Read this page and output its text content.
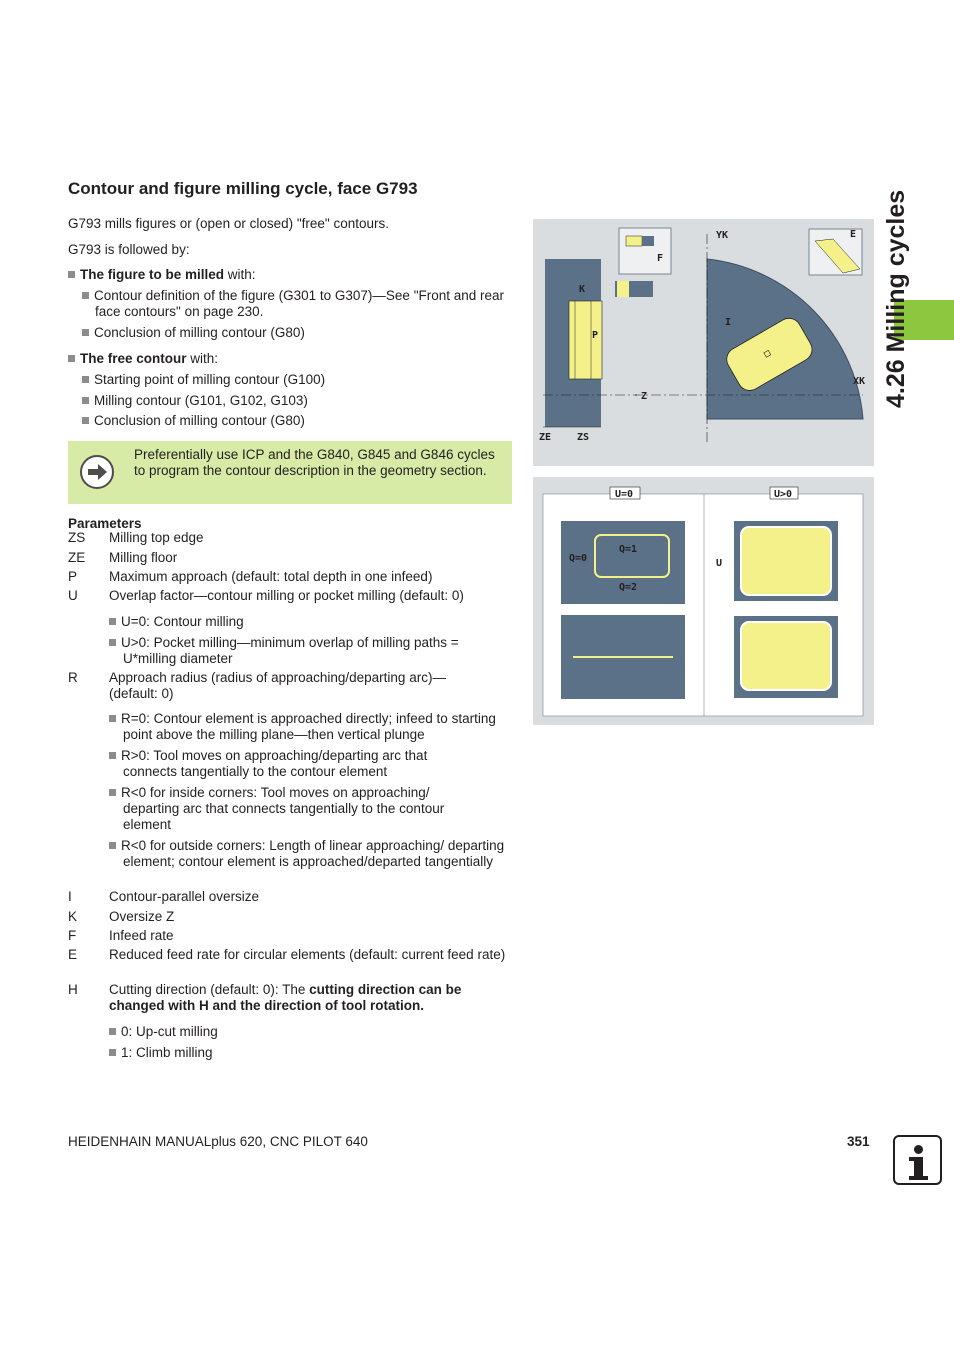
Contour and figure milling cycle, face G793
G793 mills figures or (open or closed) "free" contours.
G793 is followed by:
The figure to be milled with:
Contour definition of the figure (G301 to G307)—See "Front and rear face contours" on page 230.
Conclusion of milling contour (G80)
The free contour with:
Starting point of milling contour (G100)
Milling contour (G101, G102, G103)
Conclusion of milling contour (G80)
Preferentially use ICP and the G840, G845 and G846 cycles to program the contour description in the geometry section.
Parameters
ZS Milling top edge
ZE Milling floor
P Maximum approach (default: total depth in one infeed)
U Overlap factor—contour milling or pocket milling (default: 0)
U=0: Contour milling
U>0: Pocket milling—minimum overlap of milling paths = U*milling diameter
R Approach radius (radius of approaching/departing arc)—(default: 0)
R=0: Contour element is approached directly; infeed to starting point above the milling plane—then vertical plunge
R>0: Tool moves on approaching/departing arc that connects tangentially to the contour element
R<0 for inside corners: Tool moves on approaching/ departing arc that connects tangentially to the contour element
R<0 for outside corners: Length of linear approaching/ departing element; contour element is approached/departed tangentially
I	Contour-parallel oversize
K Oversize Z
F Infeed rate
E Reduced feed rate for circular elements (default: current feed rate)
H Cutting direction (default: 0): The cutting direction can be changed with H and the direction of tool rotation.
0: Up-cut milling
1: Climb milling
YK
XK
Z
K
P
I
ZE	ZS
E
F
U=0	U>0
Q=0
Q=1
Q=2
U
4.26 Milling cycles
HEIDENHAIN MANUALplus 620, CNC PILOT 640	351
